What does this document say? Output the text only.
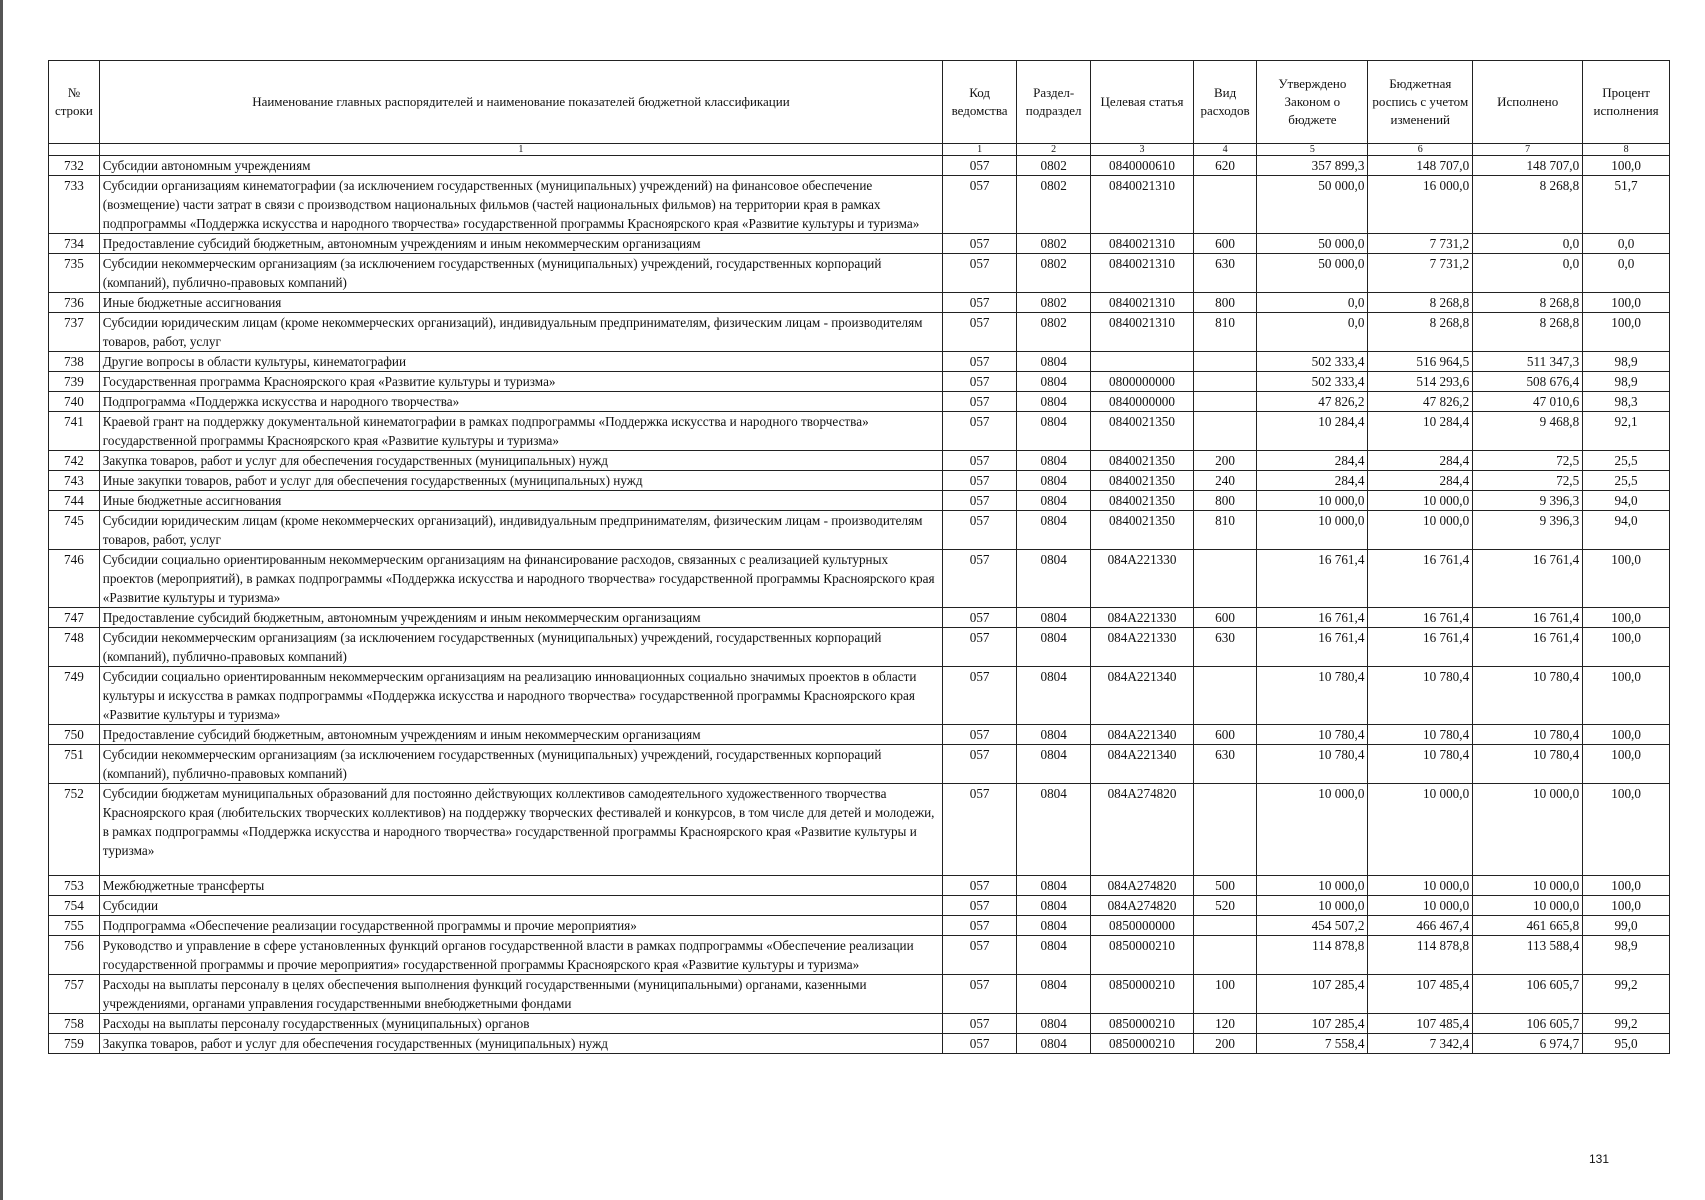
№ строки	Наименование главных распорядителей и наименование показателей бюджетной классификации	Код ведомства	Раздел-подраздел	Целевая статья	Вид расходов	Утверждено Законом о бюджете	Бюджетная роспись с учетом изменений	Исполнено	Процент исполнения
	1	1	2	3	4	5	6	7	8
732	Субсидии автономным учреждениям	057	0802	0840000610	620	357 899,3	148 707,0	148 707,0	100,0
733	Субсидии организациям кинематографии (за исключением государственных (муниципальных) учреждений) на финансовое обеспечение (возмещение) части затрат в связи с производством национальных фильмов (частей национальных фильмов) на территории края в рамках подпрограммы «Поддержка искусства и народного творчества» государственной программы Красноярского края «Развитие культуры и туризма»	057	0802	0840021310		50 000,0	16 000,0	8 268,8	51,7
734	Предоставление субсидий бюджетным, автономным учреждениям и иным некоммерческим организациям	057	0802	0840021310	600	50 000,0	7 731,2	0,0	0,0
735	Субсидии некоммерческим организациям (за исключением государственных (муниципальных) учреждений, государственных корпораций (компаний), публично-правовых компаний)	057	0802	0840021310	630	50 000,0	7 731,2	0,0	0,0
736	Иные бюджетные ассигнования	057	0802	0840021310	800	0,0	8 268,8	8 268,8	100,0
737	Субсидии юридическим лицам (кроме некоммерческих организаций), индивидуальным предпринимателям, физическим лицам - производителям товаров, работ, услуг	057	0802	0840021310	810	0,0	8 268,8	8 268,8	100,0
738	Другие вопросы в области культуры, кинематографии	057	0804			502 333,4	516 964,5	511 347,3	98,9
739	Государственная программа Красноярского края «Развитие культуры и туризма»	057	0804	0800000000		502 333,4	514 293,6	508 676,4	98,9
740	Подпрограмма «Поддержка искусства и народного творчества»	057	0804	0840000000		47 826,2	47 826,2	47 010,6	98,3
741	Краевой грант на поддержку документальной кинематографии в рамках подпрограммы «Поддержка искусства и народного творчества» государственной программы Красноярского края «Развитие культуры и туризма»	057	0804	0840021350		10 284,4	10 284,4	9 468,8	92,1
742	Закупка товаров, работ и услуг для обеспечения государственных (муниципальных) нужд	057	0804	0840021350	200	284,4	284,4	72,5	25,5
743	Иные закупки товаров, работ и услуг для обеспечения государственных (муниципальных) нужд	057	0804	0840021350	240	284,4	284,4	72,5	25,5
744	Иные бюджетные ассигнования	057	0804	0840021350	800	10 000,0	10 000,0	9 396,3	94,0
745	Субсидии юридическим лицам (кроме некоммерческих организаций), индивидуальным предпринимателям, физическим лицам - производителям товаров, работ, услуг	057	0804	0840021350	810	10 000,0	10 000,0	9 396,3	94,0
746	Субсидии социально ориентированным некоммерческим организациям на финансирование расходов, связанных с реализацией культурных проектов (мероприятий), в рамках подпрограммы «Поддержка искусства и народного творчества» государственной программы Красноярского края «Развитие культуры и туризма»	057	0804	084А221330		16 761,4	16 761,4	16 761,4	100,0
747	Предоставление субсидий бюджетным, автономным учреждениям и иным некоммерческим организациям	057	0804	084А221330	600	16 761,4	16 761,4	16 761,4	100,0
748	Субсидии некоммерческим организациям (за исключением государственных (муниципальных) учреждений, государственных корпораций (компаний), публично-правовых компаний)	057	0804	084А221330	630	16 761,4	16 761,4	16 761,4	100,0
749	Субсидии социально ориентированным некоммерческим организациям на реализацию инновационных социально значимых проектов в области культуры и искусства в рамках подпрограммы «Поддержка искусства и народного творчества» государственной программы Красноярского края «Развитие культуры и туризма»	057	0804	084А221340		10 780,4	10 780,4	10 780,4	100,0
750	Предоставление субсидий бюджетным, автономным учреждениям и иным некоммерческим организациям	057	0804	084А221340	600	10 780,4	10 780,4	10 780,4	100,0
751	Субсидии некоммерческим организациям (за исключением государственных (муниципальных) учреждений, государственных корпораций (компаний), публично-правовых компаний)	057	0804	084А221340	630	10 780,4	10 780,4	10 780,4	100,0
752	Субсидии бюджетам муниципальных образований для постоянно действующих коллективов самодеятельного художественного творчества Красноярского края (любительских творческих коллективов) на поддержку творческих фестивалей и конкурсов, в том числе для детей и молодежи, в рамках подпрограммы «Поддержка искусства и народного творчества» государственной программы Красноярского края «Развитие культуры и туризма»	057	0804	084А274820		10 000,0	10 000,0	10 000,0	100,0
753	Межбюджетные трансферты	057	0804	084А274820	500	10 000,0	10 000,0	10 000,0	100,0
754	Субсидии	057	0804	084А274820	520	10 000,0	10 000,0	10 000,0	100,0
755	Подпрограмма «Обеспечение реализации государственной программы и прочие мероприятия»	057	0804	0850000000		454 507,2	466 467,4	461 665,8	99,0
756	Руководство и управление в сфере установленных функций органов государственной власти в рамках подпрограммы «Обеспечение реализации государственной программы и прочие мероприятия» государственной программы Красноярского края «Развитие культуры и туризма»	057	0804	0850000210		114 878,8	114 878,8	113 588,4	98,9
757	Расходы на выплаты персоналу в целях обеспечения выполнения функций государственными (муниципальными) органами, казенными учреждениями, органами управления государственными внебюджетными фондами	057	0804	0850000210	100	107 285,4	107 485,4	106 605,7	99,2
758	Расходы на выплаты персоналу государственных (муниципальных) органов	057	0804	0850000210	120	107 285,4	107 485,4	106 605,7	99,2
759	Закупка товаров, работ и услуг для обеспечения государственных (муниципальных) нужд	057	0804	0850000210	200	7 558,4	7 342,4	6 974,7	95,0
131
